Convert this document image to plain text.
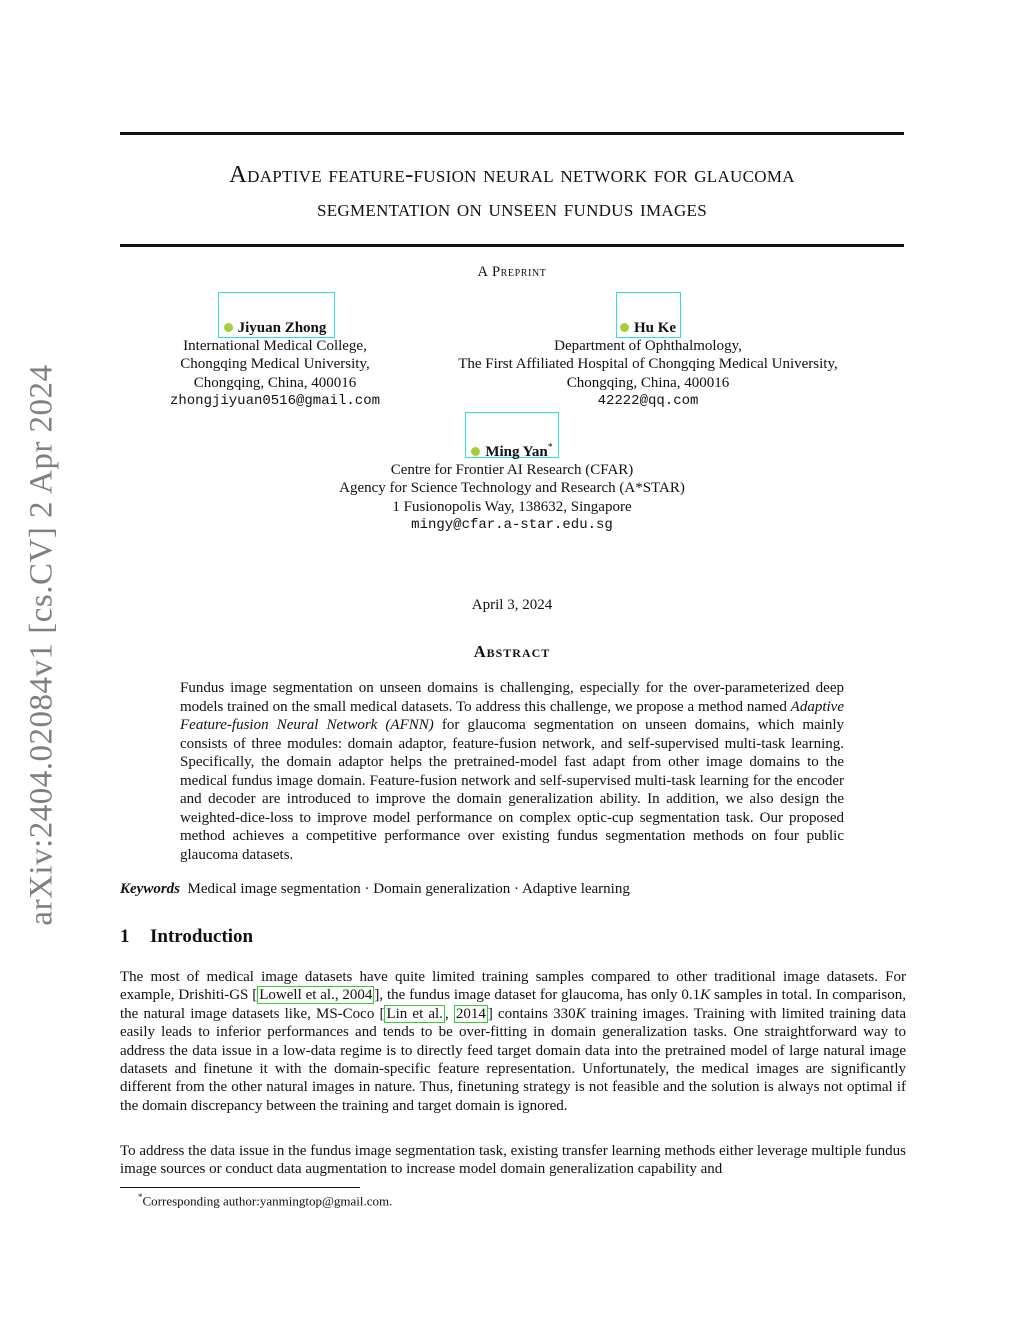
arXiv:2404.02084v1 [cs.CV] 2 Apr 2024
Adaptive feature-fusion neural network for glaucoma
segmentation on unseen fundus images
A Preprint
Jiyuan Zhong
International Medical College,
Chongqing Medical University,
Chongqing, China, 400016
zhongjiyuan0516@gmail.com
Hu Ke
Department of Ophthalmology,
The First Affiliated Hospital of Chongqing Medical University,
Chongqing, China, 400016
42222@qq.com
Ming Yan*
Centre for Frontier AI Research (CFAR)
Agency for Science Technology and Research (A*STAR)
1 Fusionopolis Way, 138632, Singapore
mingy@cfar.a-star.edu.sg
April 3, 2024
Abstract
Fundus image segmentation on unseen domains is challenging, especially for the over-parameterized deep models trained on the small medical datasets. To address this challenge, we propose a method named Adaptive Feature-fusion Neural Network (AFNN) for glaucoma segmentation on unseen domains, which mainly consists of three modules: domain adaptor, feature-fusion network, and self-supervised multi-task learning. Specifically, the domain adaptor helps the pretrained-model fast adapt from other image domains to the medical fundus image domain. Feature-fusion network and self-supervised multi-task learning for the encoder and decoder are introduced to improve the domain generalization ability. In addition, we also design the weighted-dice-loss to improve model performance on complex optic-cup segmentation task. Our proposed method achieves a competitive performance over existing fundus segmentation methods on four public glaucoma datasets.
Keywords Medical image segmentation · Domain generalization · Adaptive learning
1 Introduction
The most of medical image datasets have quite limited training samples compared to other traditional image datasets. For example, Drishiti-GS [ Lowell et al., 2004 ], the fundus image dataset for glaucoma, has only 0.1K samples in total. In comparison, the natural image datasets like, MS-Coco [ Lin et al. , 2014 ] contains 330K training images. Training with limited training data easily leads to inferior performances and tends to be over-fitting in domain generalization tasks. One straightforward way to address the data issue in a low-data regime is to directly feed target domain data into the pretrained model of large natural image datasets and finetune it with the domain-specific feature representation. Unfortunately, the medical images are significantly different from the other natural images in nature. Thus, finetuning strategy is not feasible and the solution is always not optimal if the domain discrepancy between the training and target domain is ignored.
To address the data issue in the fundus image segmentation task, existing transfer learning methods either leverage multiple fundus image sources or conduct data augmentation to increase model domain generalization capability and
*Corresponding author:yanmingtop@gmail.com.
